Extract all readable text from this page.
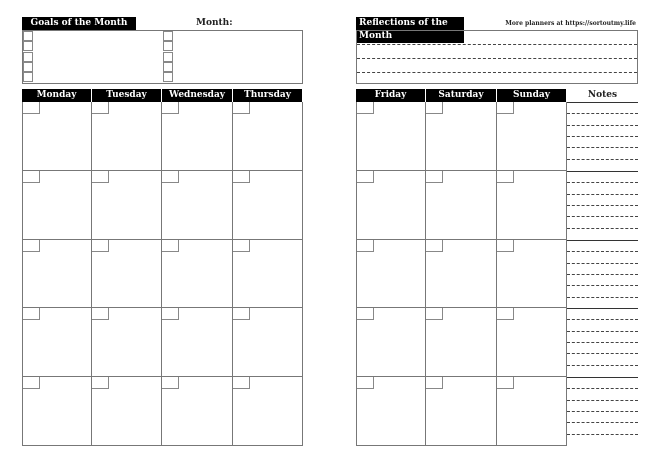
Goals of the Month	Month:	Reflections of the Month
More planners at https://sortoutmy.life
Monday	Tuesday	Wednesday	Thursday	Friday	Saturday	Sunday	Notes
